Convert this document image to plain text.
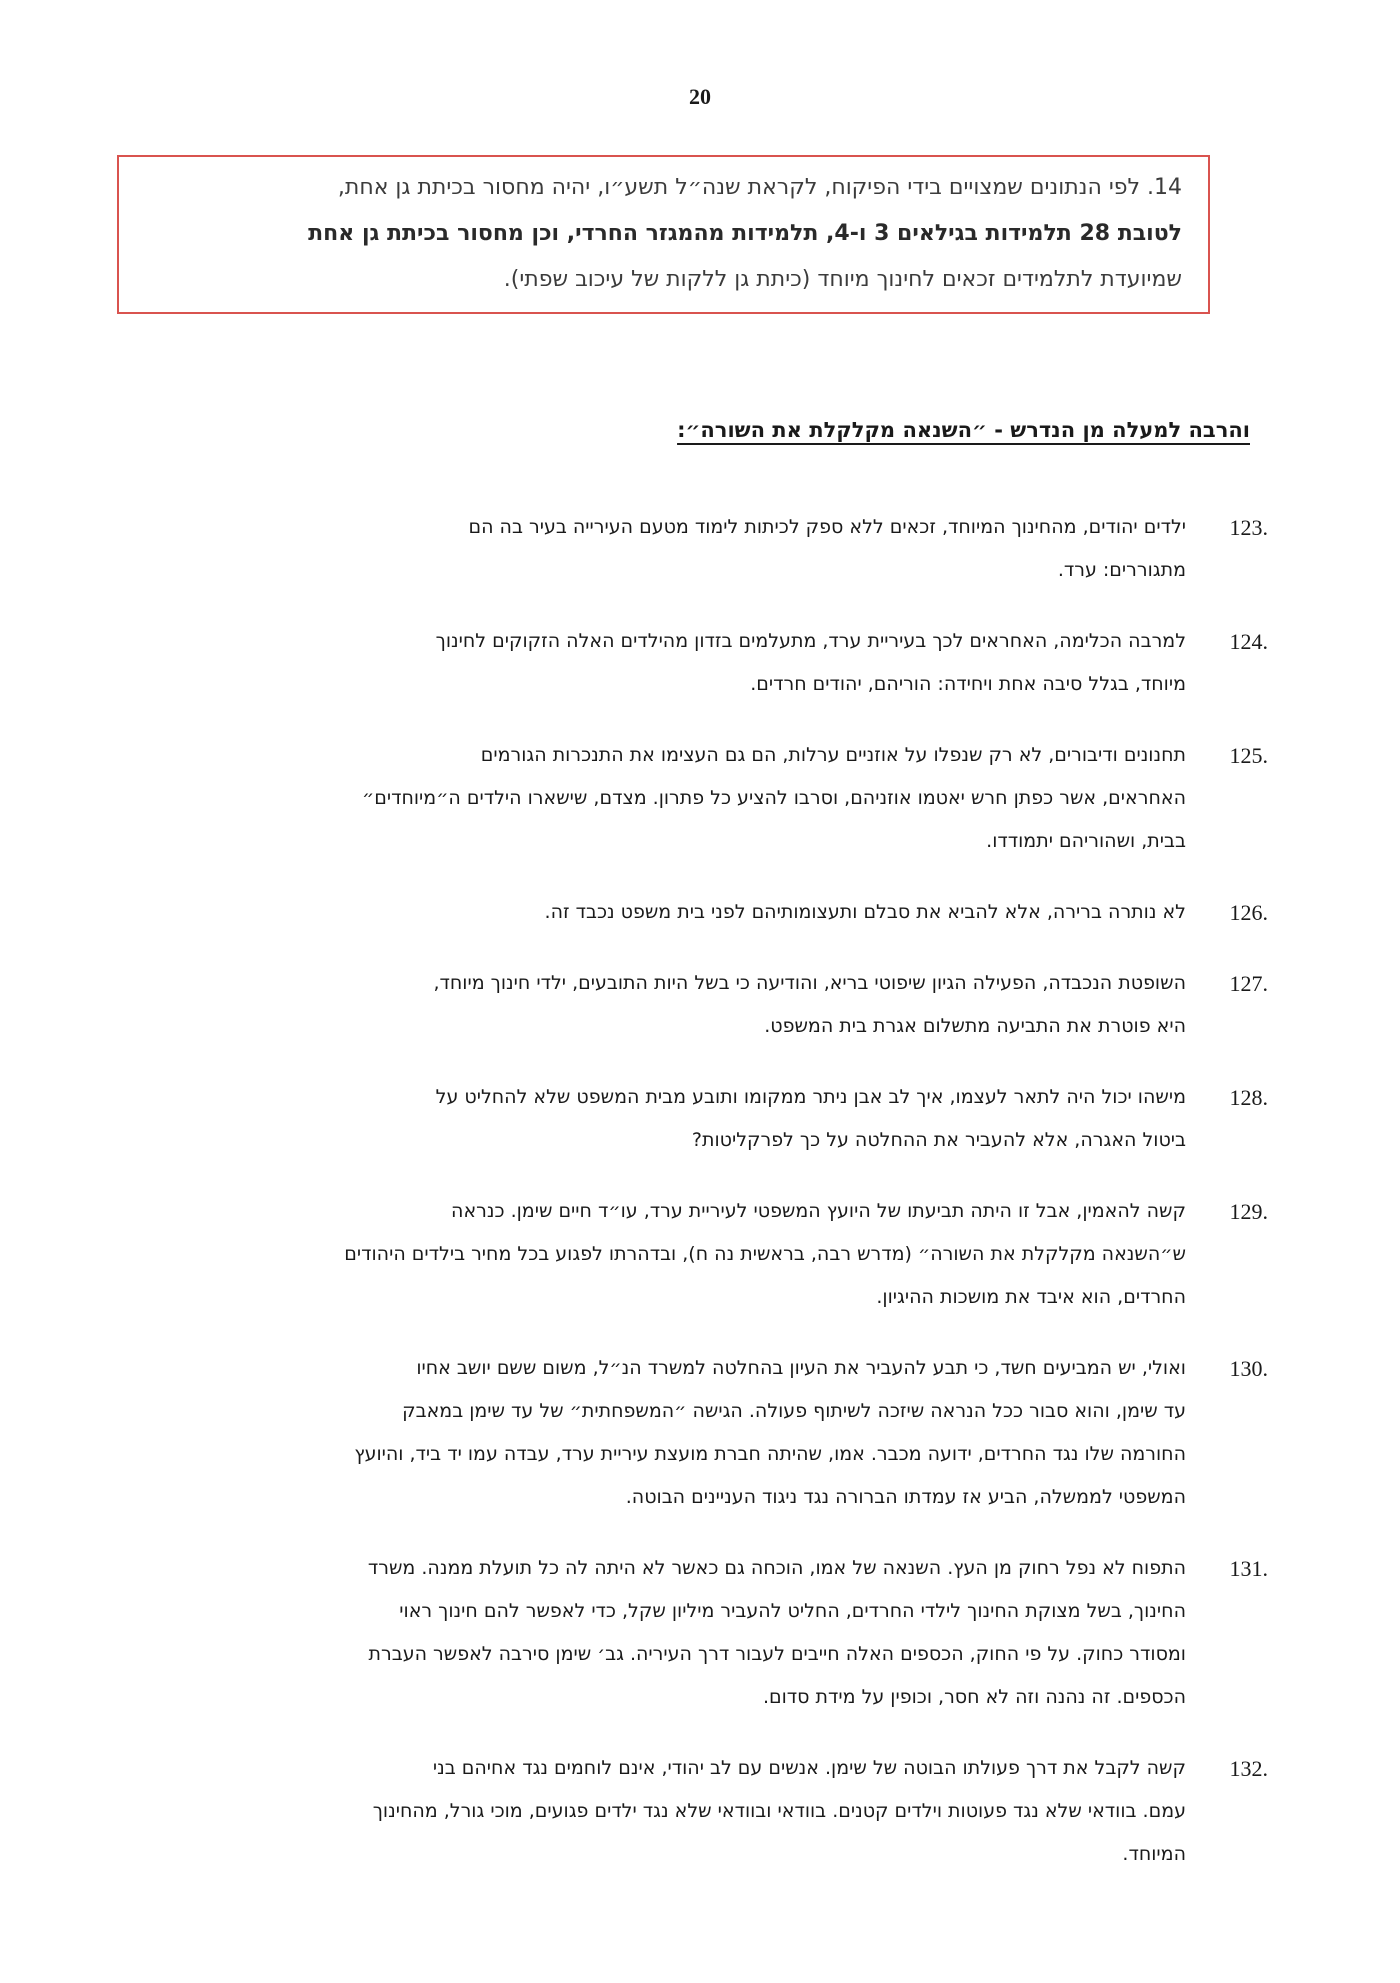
20
14. לפי הנתונים שמצויים בידי הפיקוח, לקראת שנה״ל תשע״ו, יהיה מחסור בכיתת גן אחת,
לטובת 28 תלמידות בגילאים 3 ו-4, תלמידות מהמגזר החרדי, וכן מחסור בכיתת גן אחת
שמיועדת לתלמידים זכאים לחינוך מיוחד (כיתת גן ללקות של עיכוב שפתי).
והרבה למעלה מן הנדרש - ״השנאה מקלקלת את השורה״:
123.
ילדים יהודים, מהחינוך המיוחד, זכאים ללא ספק לכיתות לימוד מטעם העירייה בעיר בה הם
מתגוררים: ערד.
124.
למרבה הכלימה, האחראים לכך בעיריית ערד, מתעלמים בזדון מהילדים האלה הזקוקים לחינוך
מיוחד, בגלל סיבה אחת ויחידה: הוריהם, יהודים חרדים.
125.
תחנונים ודיבורים, לא רק שנפלו על אוזניים ערלות, הם גם העצימו את התנכרות הגורמים
האחראים, אשר כפתן חרש יאטמו אוזניהם, וסרבו להציע כל פתרון. מצדם, שישארו הילדים ה״מיוחדים״
בבית, ושהוריהם יתמודדו.
126.
לא נותרה ברירה, אלא להביא את סבלם ותעצומותיהם לפני בית משפט נכבד זה.
127.
השופטת הנכבדה, הפעילה הגיון שיפוטי בריא, והודיעה כי בשל היות התובעים, ילדי חינוך מיוחד,
היא פוטרת את התביעה מתשלום אגרת בית המשפט.
128.
מישהו יכול היה לתאר לעצמו, איך לב אבן ניתר ממקומו ותובע מבית המשפט שלא להחליט על
ביטול האגרה, אלא להעביר את ההחלטה על כך לפרקליטות?
129.
קשה להאמין, אבל זו היתה תביעתו של היועץ המשפטי לעיריית ערד, עו״ד חיים שימן. כנראה
ש״השנאה מקלקלת את השורה״ (מדרש רבה, בראשית נה ח), ובדהרתו לפגוע בכל מחיר בילדים היהודים
החרדים, הוא איבד את מושכות ההיגיון.
130.
ואולי, יש המביעים חשד, כי תבע להעביר את העיון בהחלטה למשרד הנ״ל, משום ששם יושב אחיו
עד שימן, והוא סבור ככל הנראה שיזכה לשיתוף פעולה. הגישה ״המשפחתית״ של עד שימן במאבק
החורמה שלו נגד החרדים, ידועה מכבר. אמו, שהיתה חברת מועצת עיריית ערד, עבדה עמו יד ביד, והיועץ
המשפטי לממשלה, הביע אז עמדתו הברורה נגד ניגוד העניינים הבוטה.
131.
התפוח לא נפל רחוק מן העץ. השנאה של אמו, הוכחה גם כאשר לא היתה לה כל תועלת ממנה. משרד
החינוך, בשל מצוקת החינוך לילדי החרדים, החליט להעביר מיליון שקל, כדי לאפשר להם חינוך ראוי
ומסודר כחוק. על פי החוק, הכספים האלה חייבים לעבור דרך העיריה. גב׳ שימן סירבה לאפשר העברת
הכספים. זה נהנה וזה לא חסר, וכופין על מידת סדום.
132.
קשה לקבל את דרך פעולתו הבוטה של שימן. אנשים עם לב יהודי, אינם לוחמים נגד אחיהם בני
עמם. בוודאי שלא נגד פעוטות וילדים קטנים. בוודאי ובוודאי שלא נגד ילדים פגועים, מוכי גורל, מהחינוך
המיוחד.
